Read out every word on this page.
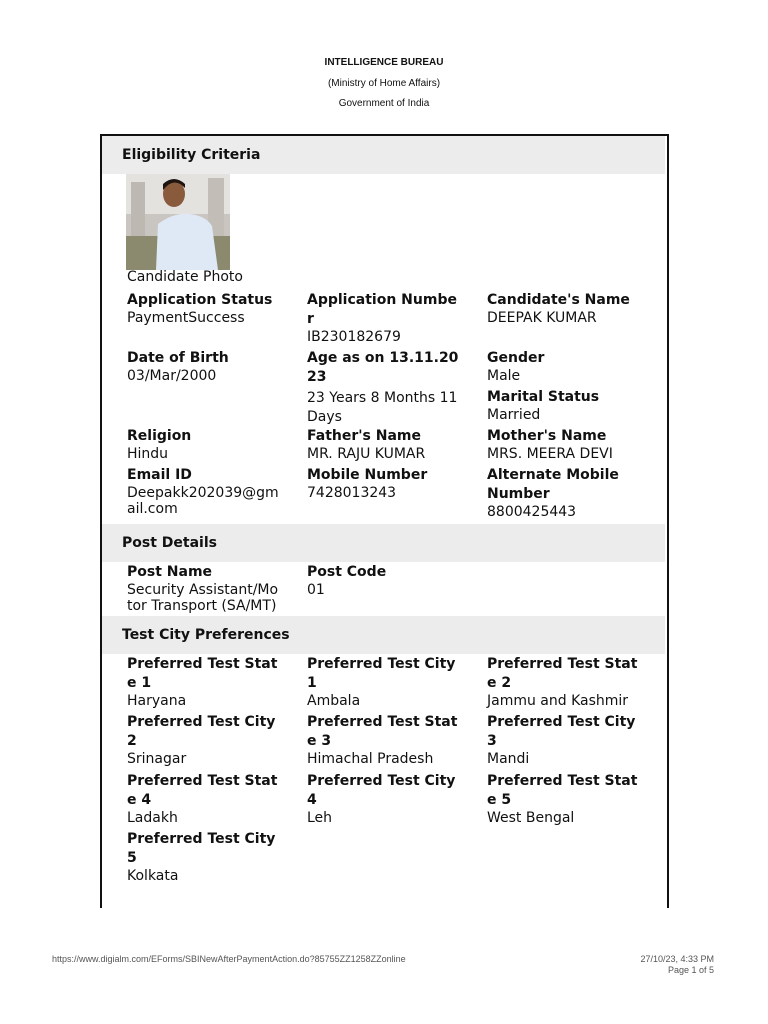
INTELLIGENCE BUREAU
(Ministry of Home Affairs)
Government of India
Eligibility Criteria
Candidate Photo
Application Status
PaymentSuccess
Application Number
IB230182679
Candidate's Name
DEEPAK KUMAR
Date of Birth
03/Mar/2000
Age as on 13.11.2023
23 Years 8 Months 11 Days
Gender
Male
Marital Status
Married
Religion
Hindu
Father's Name
MR. RAJU KUMAR
Mother's Name
MRS. MEERA DEVI
Email ID
Deepakk202039@gmail.com
Mobile Number
7428013243
Alternate Mobile Number
8800425443
Post Details
Post Name
Security Assistant/Motor Transport (SA/MT)
Post Code
01
Test City Preferences
Preferred Test State 1
Haryana
Preferred Test City 1
Ambala
Preferred Test State 2
Jammu and Kashmir
Preferred Test City 2
Srinagar
Preferred Test State 3
Himachal Pradesh
Preferred Test City 3
Mandi
Preferred Test State 4
Ladakh
Preferred Test City 4
Leh
Preferred Test State 5
West Bengal
Preferred Test City 5
Kolkata
https://www.digialm.com/EForms/SBINewAfterPaymentAction.do?85755ZZ1258ZZonline	27/10/23, 4:33 PM
Page 1 of 5
